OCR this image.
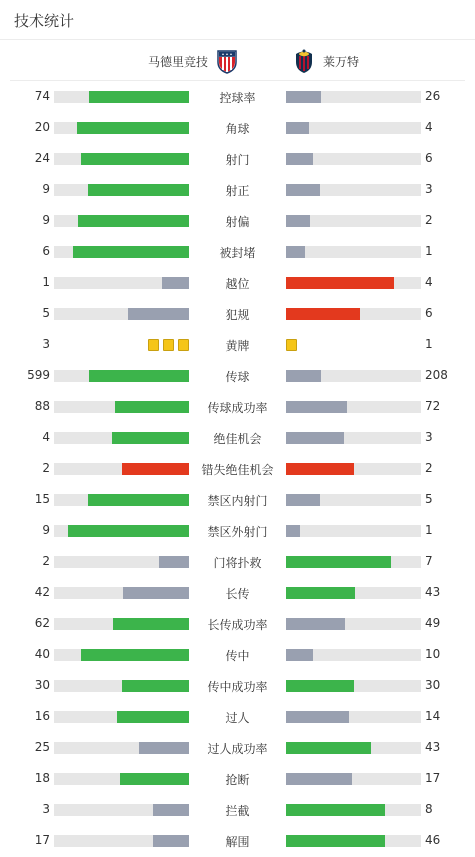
技术统计
马德里竞技	莱万特
74	控球率	26
20	角球	4
24	射门	6
9	射正	3
9	射偏	2
6	被封堵	1
1	越位	4
5	犯规	6
3	黄牌	1
599	传球	208
88	传球成功率	72
4	绝佳机会	3
2	错失绝佳机会	2
15	禁区内射门	5
9	禁区外射门	1
2	门将扑救	7
42	长传	43
62	长传成功率	49
40	传中	10
30	传中成功率	30
16	过人	14
25	过人成功率	43
18	抢断	17
3	拦截	8
17	解围	46
